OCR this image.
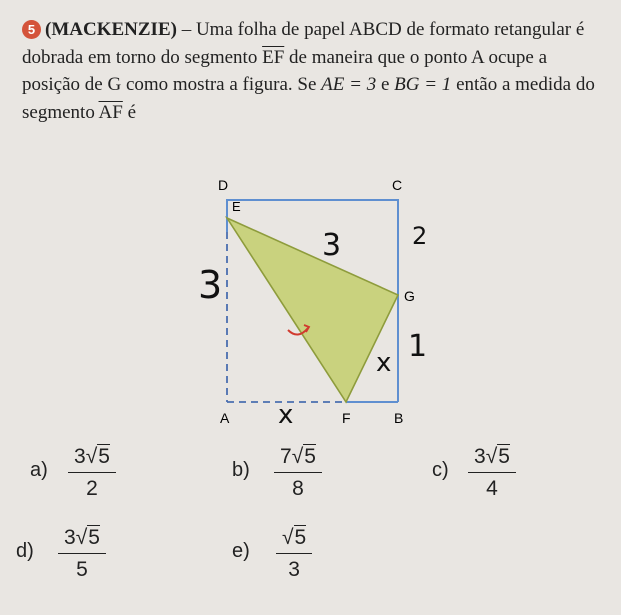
5 (MACKENZIE) – Uma folha de papel ABCD de formato retangular é dobrada em torno do segmento $\overline{EF}$ de maneira que o ponto A ocupe a posição de G como mostra a figura. Se AE = 3 e BG = 1 então a medida do segmento $\overline{AF}$ é
D	C
E
G
A	F	B
3
3	2
1
x
x
$a) \frac{3√5}{2}$	$b) \frac{7√5}{8}$	$c) \frac{3√5}{4}$
$d) \frac{3√5}{5}$	$e) \frac{√5}{3}$
